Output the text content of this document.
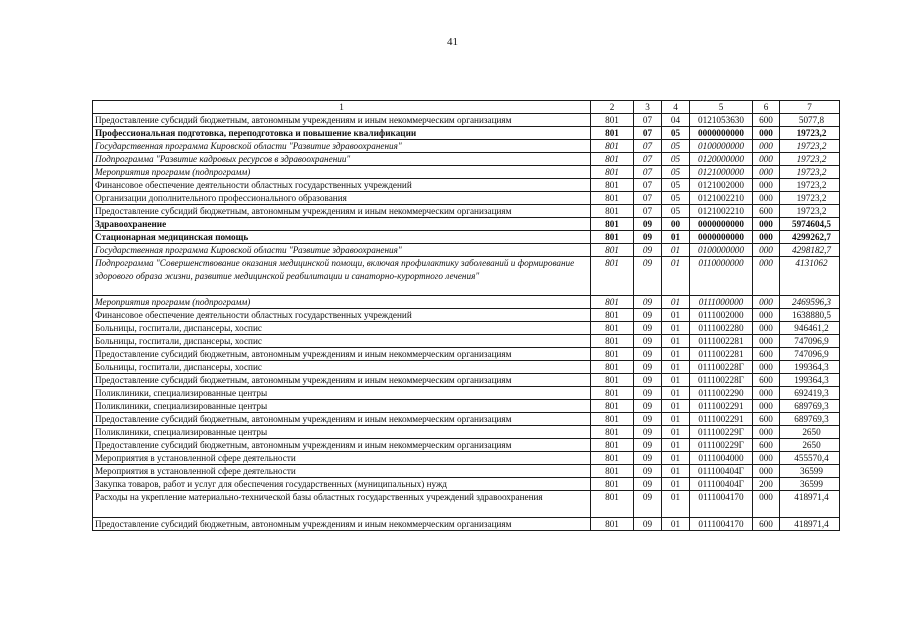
41
1	2	3	4	5	6	7
Предоставление субсидий бюджетным, автономным учреждениям и иным некоммерческим организациям	801	07	04	0121053630	600	5077,8
Профессиональная подготовка, переподготовка и повышение квалификации	801	07	05	0000000000	000	19723,2
Государственная программа Кировской области "Развитие здравоохранения"	801	07	05	0100000000	000	19723,2
Подпрограмма "Развитие кадровых ресурсов в здравоохранении"	801	07	05	0120000000	000	19723,2
Мероприятия программ (подпрограмм)	801	07	05	0121000000	000	19723,2
Финансовое обеспечение деятельности областных государственных учреждений	801	07	05	0121002000	000	19723,2
Организации дополнительного профессионального образования	801	07	05	0121002210	000	19723,2
Предоставление субсидий бюджетным, автономным учреждениям и иным некоммерческим организациям	801	07	05	0121002210	600	19723,2
Здравоохранение	801	09	00	0000000000	000	5974604,5
Стационарная медицинская помощь	801	09	01	0000000000	000	4299262,7
Государственная программа Кировской области "Развитие здравоохранения"	801	09	01	0100000000	000	4298182,7
Подпрограмма "Совершенствование оказания медицинской помощи, включая профилактику заболеваний и формирование здорового образа жизни, развитие медицинской реабилитации и санаторно-курортного лечения"	801	09	01	0110000000	000	4131062
Мероприятия программ (подпрограмм)	801	09	01	0111000000	000	2469596,3
Финансовое обеспечение деятельности областных государственных учреждений	801	09	01	0111002000	000	1638880,5
Больницы, госпитали, диспансеры, хоспис	801	09	01	0111002280	000	946461,2
Больницы, госпитали, диспансеры, хоспис	801	09	01	0111002281	000	747096,9
Предоставление субсидий бюджетным, автономным учреждениям и иным некоммерческим организациям	801	09	01	0111002281	600	747096,9
Больницы, госпитали, диспансеры, хоспис	801	09	01	011100228Г	000	199364,3
Предоставление субсидий бюджетным, автономным учреждениям и иным некоммерческим организациям	801	09	01	011100228Г	600	199364,3
Поликлиники, специализированные центры	801	09	01	0111002290	000	692419,3
Поликлиники, специализированные центры	801	09	01	0111002291	000	689769,3
Предоставление субсидий бюджетным, автономным учреждениям и иным некоммерческим организациям	801	09	01	0111002291	600	689769,3
Поликлиники, специализированные центры	801	09	01	011100229Г	000	2650
Предоставление субсидий бюджетным, автономным учреждениям и иным некоммерческим организациям	801	09	01	011100229Г	600	2650
Мероприятия в установленной сфере деятельности	801	09	01	0111004000	000	455570,4
Мероприятия в установленной сфере деятельности	801	09	01	011100404Г	000	36599
Закупка товаров, работ и услуг для обеспечения государственных (муниципальных) нужд	801	09	01	011100404Г	200	36599
Расходы на укрепление материально-технической базы областных государственных учреждений здравоохранения	801	09	01	0111004170	000	418971,4
Предоставление субсидий бюджетным, автономным учреждениям и иным некоммерческим организациям	801	09	01	0111004170	600	418971,4
